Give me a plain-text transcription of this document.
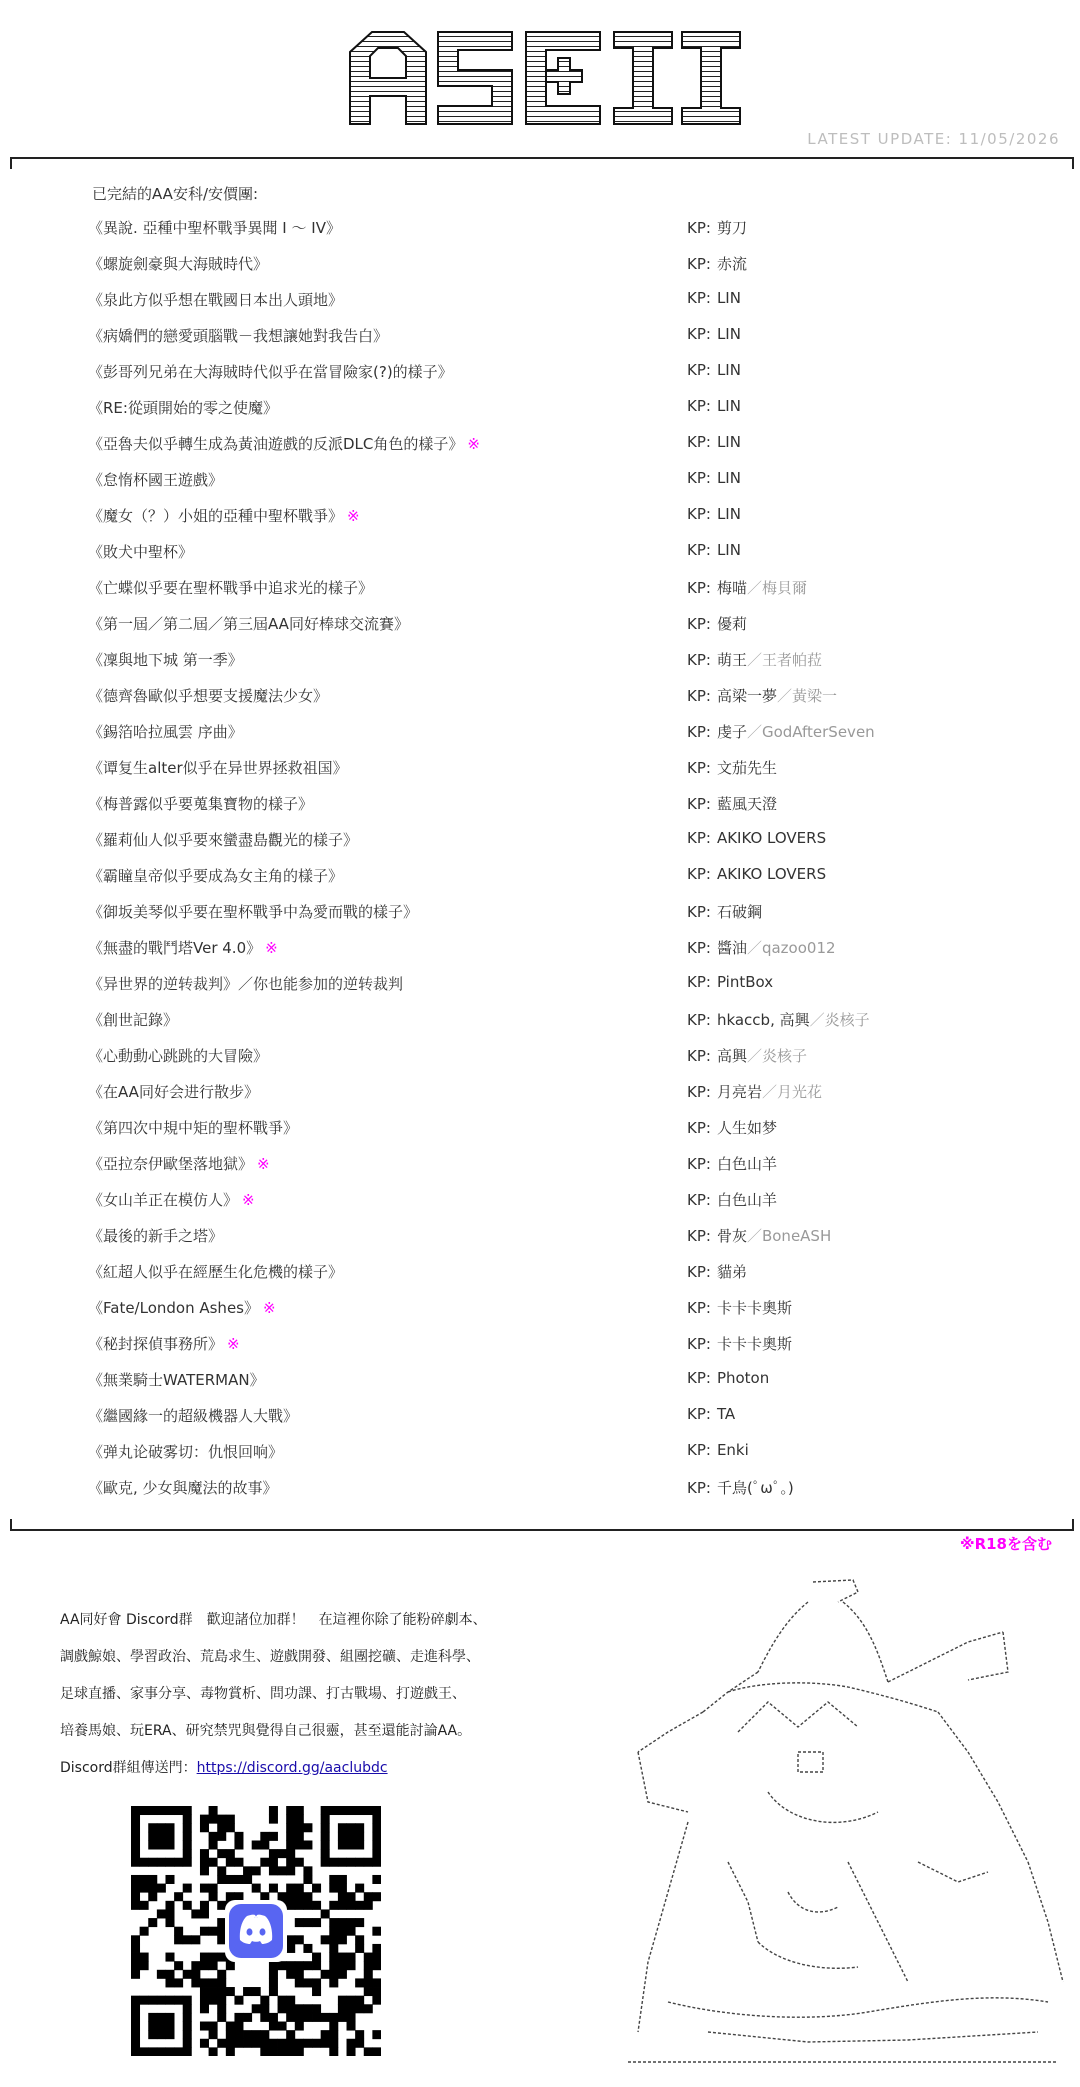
LATEST UPDATE: 11/05/2026
已完結的AA安科/安價團:
《異說. 亞種中聖杯戰爭異聞 I ～ IV》	KP: 剪刀
《螺旋劍豪與大海賊時代》	KP: 赤流
《泉此方似乎想在戰國日本出人頭地》	KP: LIN
《病嬌們的戀愛頭腦戰－我想讓她對我告白》	KP: LIN
《彭哥列兄弟在大海賊時代似乎在當冒險家(?)的樣子》	KP: LIN
《RE:從頭開始的零之使魔》	KP: LIN
《亞魯夫似乎轉生成為黃油遊戲的反派DLC角色的樣子》 ※	KP: LIN
《怠惰杯國王遊戲》	KP: LIN
《魔女（？）小姐的亞種中聖杯戰爭》 ※	KP: LIN
《敗犬中聖杯》	KP: LIN
《亡蝶似乎要在聖杯戰爭中追求光的樣子》	KP: 梅喵／梅貝爾
《第一屆／第二屆／第三屆AA同好棒球交流賽》	KP: 優莉
《凜與地下城 第一季》	KP: 萌王／王者帕菈
《德齊魯歐似乎想要支援魔法少女》	KP: 高梁一夢／黃梁一
《錫箔哈拉風雲 序曲》	KP: 虔子／GodAfterSeven
《谭复生alter似乎在异世界拯救祖国》	KP: 文茄先生
《梅普露似乎要蒐集寶物的樣子》	KP: 藍風天澄
《羅莉仙人似乎要來蠻盡島觀光的樣子》	KP: AKIKO LOVERS
《霸瞳皇帝似乎要成為女主角的樣子》	KP: AKIKO LOVERS
《御坂美琴似乎要在聖杯戰爭中為愛而戰的樣子》	KP: 石破鋼
《無盡的戰鬥塔Ver 4.0》 ※	KP: 醬油／qazoo012
《异世界的逆转裁判》／你也能参加的逆转裁判	KP: PintBox
《創世記錄》	KP: hkaccb, 高興／炎核子
《心動動心跳跳的大冒險》	KP: 高興／炎核子
《在AA同好会进行散步》	KP: 月亮岩／月光花
《第四次中規中矩的聖杯戰爭》	KP: 人生如梦
《亞拉奈伊歐堡落地獄》 ※	KP: 白色山羊
《女山羊正在模仿人》 ※	KP: 白色山羊
《最後的新手之塔》	KP: 骨灰／BoneASH
《紅超人似乎在經歷生化危機的樣子》	KP: 貓弟
《Fate/London Ashes》 ※	KP: 卡卡卡奧斯
《秘封探偵事務所》 ※	KP: 卡卡卡奧斯
《無業騎士WATERMAN》	KP: Photon
《繼國緣一的超級機器人大戰》	KP: TA
《弹丸论破雾切：仇恨回响》	KP: Enki
《歐克, 少女與魔法的故事》	KP: 千鳥(ﾟωﾟ。)
※R18を含む

AA同好會 Discord群　歡迎諸位加群！　在這裡你除了能粉碎劇本、

調戲鯨娘、學習政治、荒島求生、遊戲開發、組團挖礦、走進科學、

足球直播、家事分享、毒物賞析、問功課、打古戰場、打遊戲王、

培養馬娘、玩ERA、研究禁咒與覺得自己很靈，甚至還能討論AA。

Discord群組傳送門：https://discord.gg/aaclubdc
